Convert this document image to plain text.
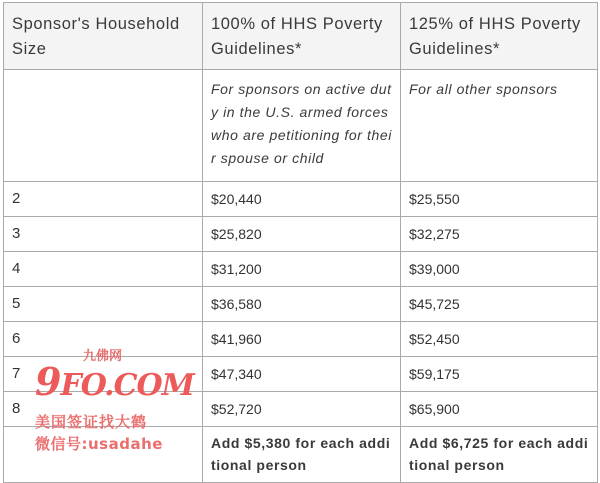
Sponsor's Household Size	100% of HHS Poverty Guidelines*	125% of HHS Poverty Guidelines*
	For sponsors on active duty in the U.S. armed forces who are petitioning for their spouse or child	For all other sponsors
2	$20,440	$25,550
3	$25,820	$32,275
4	$31,200	$39,000
5	$36,580	$45,725
6	$41,960	$52,450
7	$47,340	$59,175
8	$52,720	$65,900
	Add $5,380 for each additional person	Add $6,725 for each additional person
九佛网
9FO.COM
美国签证找大鹤
微信号:usadahe
